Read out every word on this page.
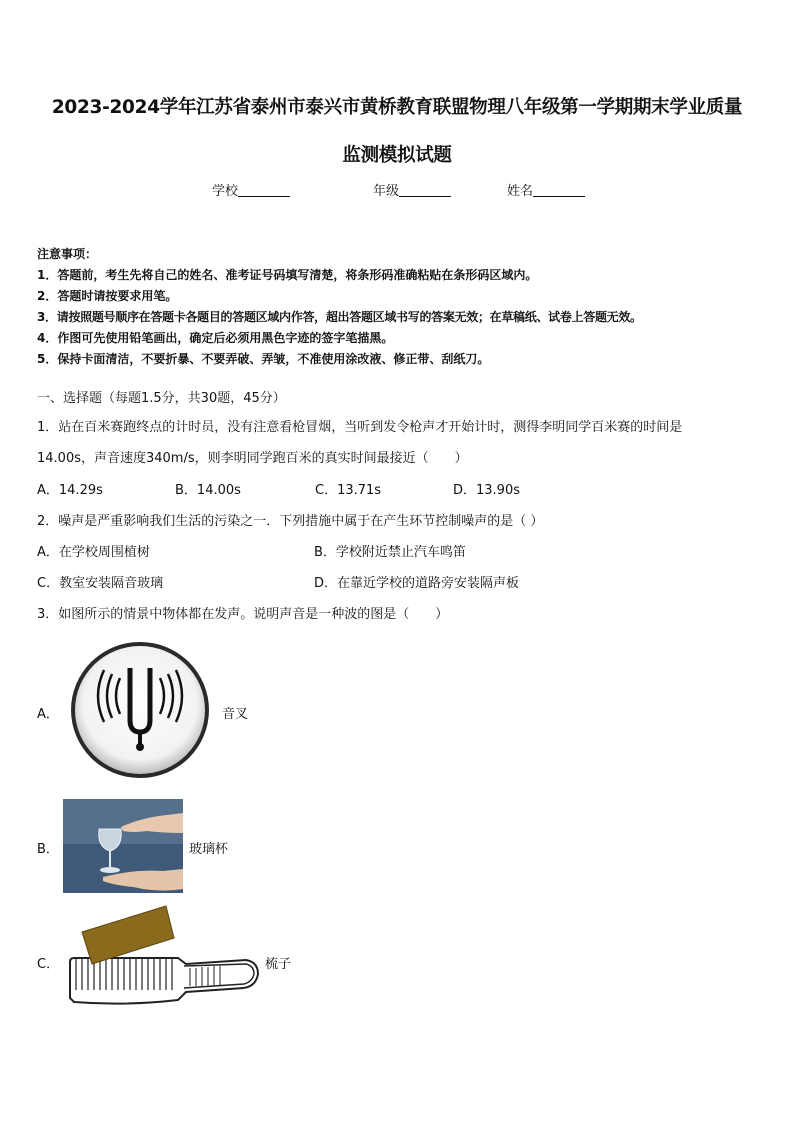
2023-2024学年江苏省泰州市泰兴市黄桥教育联盟物理八年级第一学期期末学业质量
监测模拟试题
学校	年级	姓名
注意事项：
1．答题前，考生先将自己的姓名、准考证号码填写清楚，将条形码准确粘贴在条形码区域内。
2．答题时请按要求用笔。
3．请按照题号顺序在答题卡各题目的答题区域内作答，超出答题区域书写的答案无效；在草稿纸、试卷上答题无效。
4．作图可先使用铅笔画出，确定后必须用黑色字迹的签字笔描黑。
5．保持卡面清洁，不要折暴、不要弄破、弄皱，不准使用涂改液、修正带、刮纸刀。
一、选择题（每题1.5分，共30题，45分）
1．站在百米赛跑终点的计时员，没有注意看枪冒烟，当听到发令枪声才开始计时，测得李明同学百米赛的时间是
14.00s，声音速度340m/s，则李明同学跑百米的真实时间最接近（　　）
A．14.29s	B．14.00s	C．13.71s	D．13.90s
2．噪声是严重影响我们生活的污染之一．下列措施中属于在产生环节控制噪声的是（ ）
A．在学校周围植树	B．学校附近禁止汽车鸣笛
C．教室安装隔音玻璃	D．在靠近学校的道路旁安装隔声板
3．如图所示的情景中物体都在发声。说明声音是一种波的图是（　　）
A．	音叉
B．	玻璃杯
C．	梳子
